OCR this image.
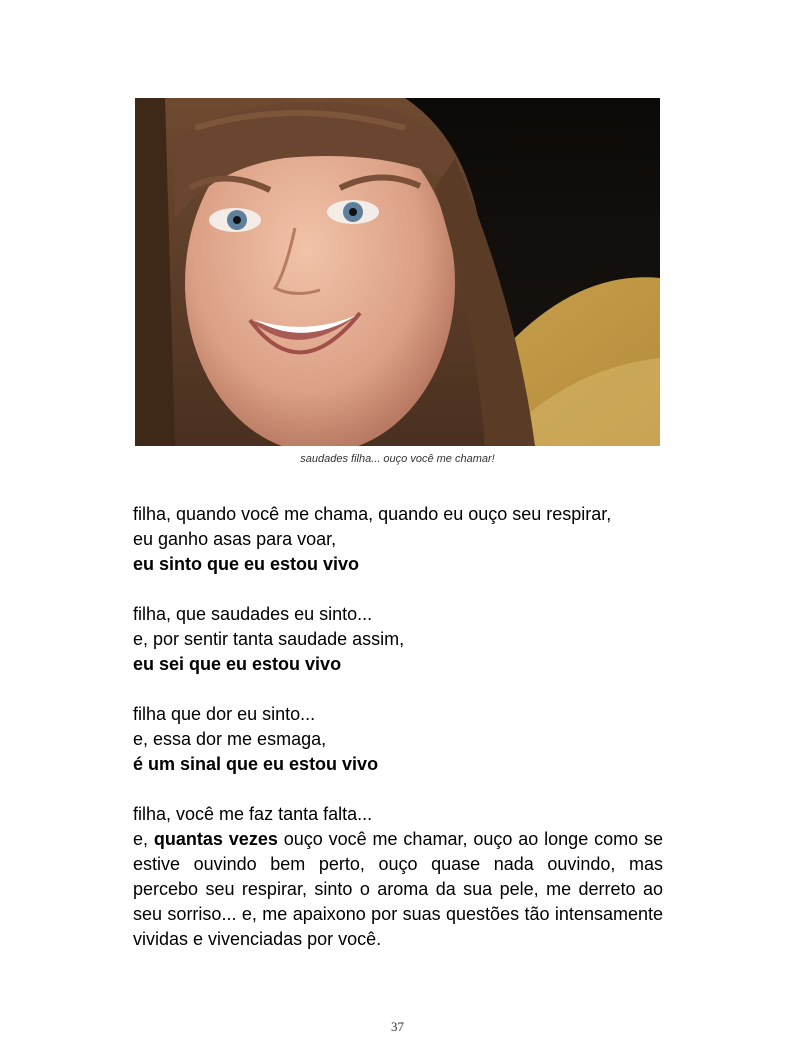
saudades filha... ouço você me chamar!

filha, quando você me chama, quando eu ouço seu respirar,

eu ganho asas para voar,

eu sinto que eu estou vivo

filha, que saudades eu sinto...

e, por sentir tanta saudade assim,

eu sei que eu estou vivo

filha que dor eu sinto...

e, essa dor me esmaga,

é um sinal que eu estou vivo

filha, você me faz tanta falta...

e, quantas vezes ouço você me chamar, ouço ao longe como se estive ouvindo bem perto, ouço quase nada ouvindo, mas percebo seu respirar, sinto o aroma da sua pele, me derreto ao seu sorriso... e, me apaixono por suas questões tão intensamente vividas e vivenciadas por você.

37
